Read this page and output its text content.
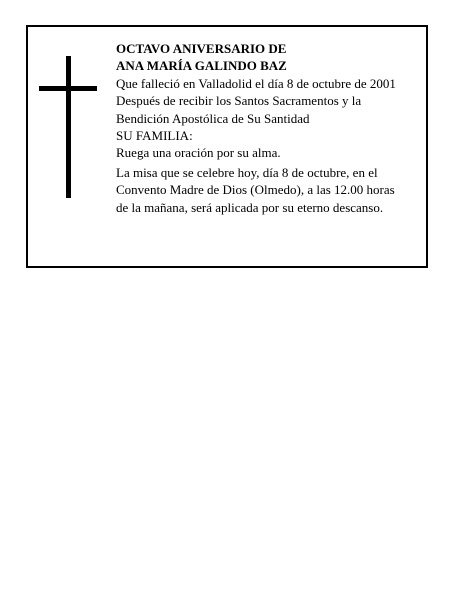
OCTAVO ANIVERSARIO DE
ANA MARÍA GALINDO BAZ
Que falleció en Valladolid el día 8 de octubre de 2001
Después de recibir los Santos Sacramentos y la
Bendición Apostólica de Su Santidad
SU FAMILIA:
Ruega una oración por su alma.
La misa que se celebre hoy, día 8 de octubre, en el
Convento Madre de Dios (Olmedo), a las 12.00 horas
de la mañana, será aplicada por su eterno descanso.
